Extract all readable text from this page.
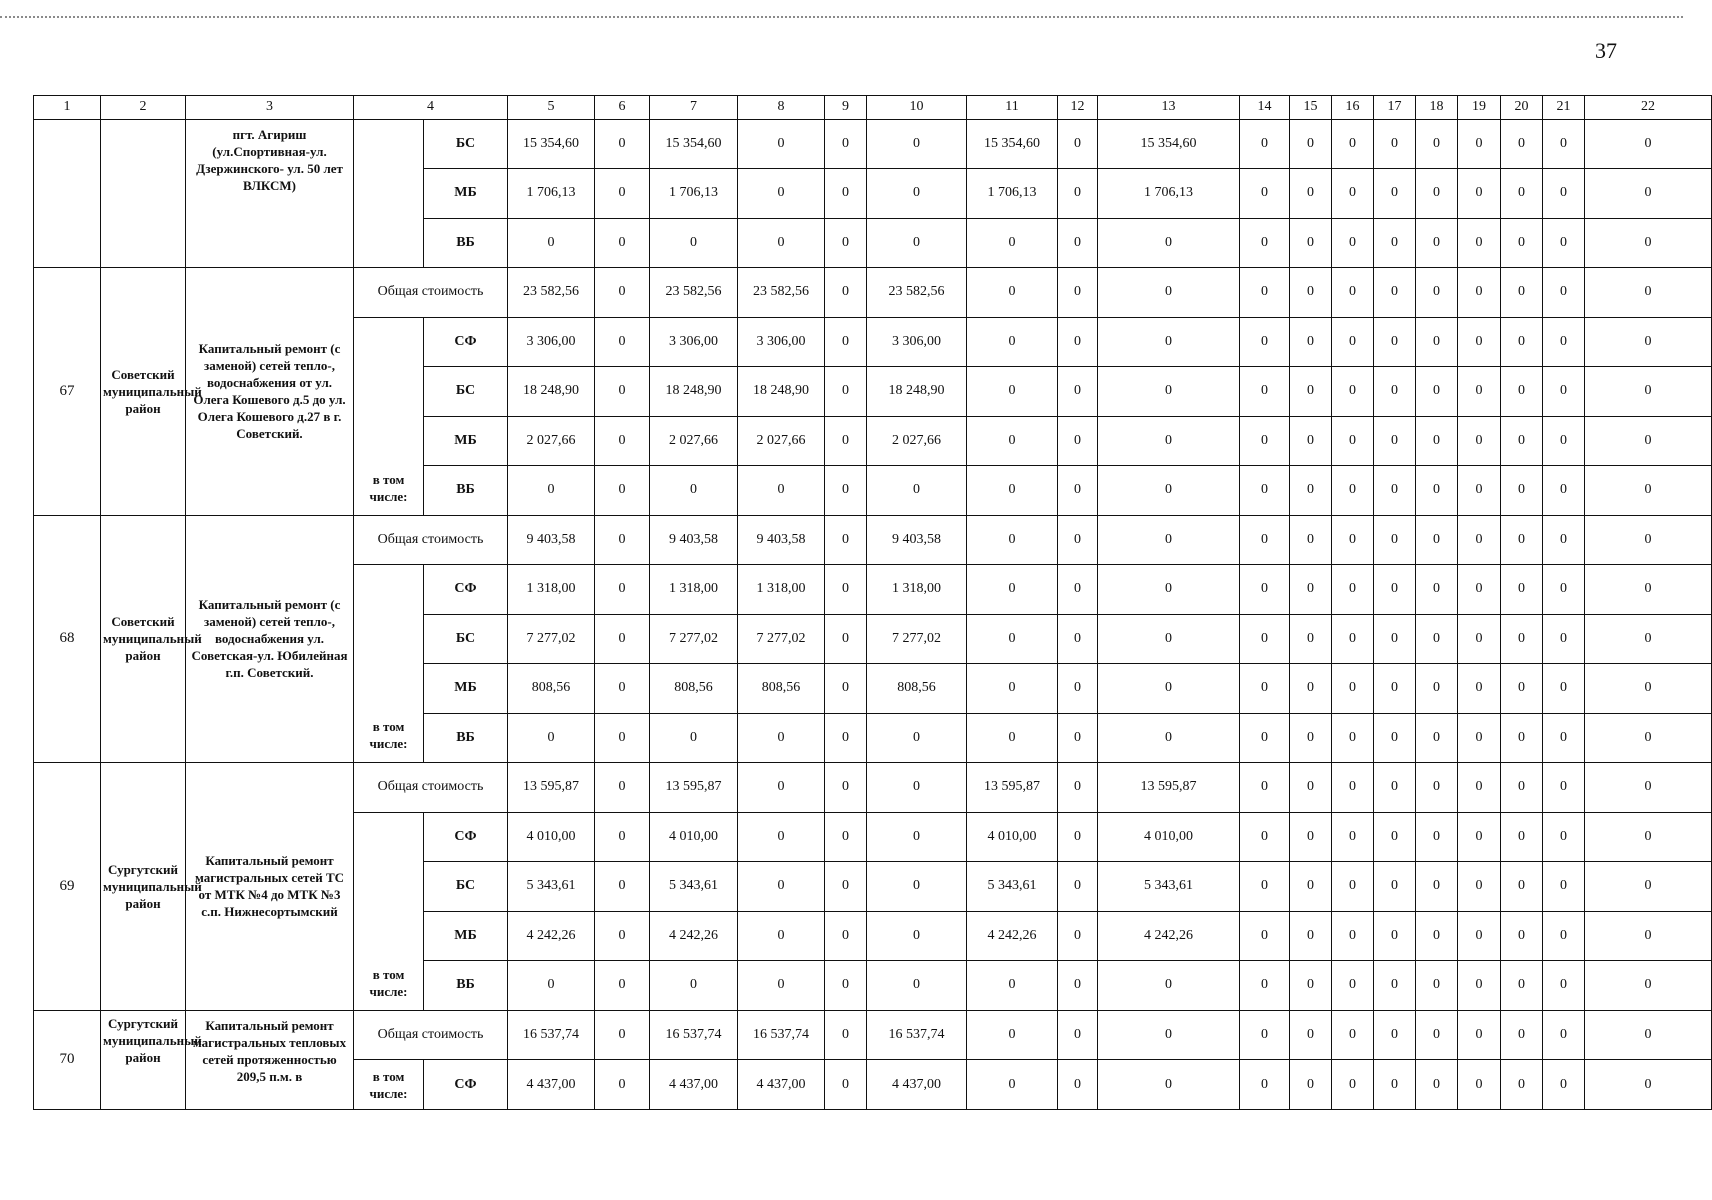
37
1	2	3	4		5	6	7	8	9	10	11	12	13	14	15	16	17	18	19	20	21	22
		пгт. Агириш (ул.Спортивная-ул. Дзержинского- ул. 50 лет ВЛКСМ)		БС	15 354,60	0	15 354,60	0	0	0	15 354,60	0	15 354,60	0	0	0	0	0	0	0	0	0
				МБ	1 706,13	0	1 706,13	0	0	0	1 706,13	0	1 706,13	0	0	0	0	0	0	0	0	0
				ВБ	0	0	0	0	0	0	0	0	0	0	0	0	0	0	0	0	0	0
67	Советский муниципальный район	Капитальный ремонт (с заменой) сетей тепло-, водоснабжения от ул. Олега Кошевого д.5 до ул. Олега Кошевого д.27 в г. Советский.	Общая стоимость		23 582,56	0	23 582,56	23 582,56	0	23 582,56	0	0	0	0	0	0	0	0	0	0	0	0
			в том числе:	СФ	3 306,00	0	3 306,00	3 306,00	0	3 306,00	0	0	0	0	0	0	0	0	0	0	0	0
				БС	18 248,90	0	18 248,90	18 248,90	0	18 248,90	0	0	0	0	0	0	0	0	0	0	0	0
				МБ	2 027,66	0	2 027,66	2 027,66	0	2 027,66	0	0	0	0	0	0	0	0	0	0	0	0
				ВБ	0	0	0	0	0	0	0	0	0	0	0	0	0	0	0	0	0	0
68	Советский муниципальный район	Капитальный ремонт (с заменой) сетей тепло-, водоснабжения ул. Советская-ул. Юбилейная г.п. Советский.	Общая стоимость		9 403,58	0	9 403,58	9 403,58	0	9 403,58	0	0	0	0	0	0	0	0	0	0	0	0
			в том числе:	СФ	1 318,00	0	1 318,00	1 318,00	0	1 318,00	0	0	0	0	0	0	0	0	0	0	0	0
				БС	7 277,02	0	7 277,02	7 277,02	0	7 277,02	0	0	0	0	0	0	0	0	0	0	0	0
				МБ	808,56	0	808,56	808,56	0	808,56	0	0	0	0	0	0	0	0	0	0	0	0
				ВБ	0	0	0	0	0	0	0	0	0	0	0	0	0	0	0	0	0	0
69	Сургутский муниципальный район	Капитальный ремонт магистральных сетей ТС от МТК №4 до МТК №3 с.п. Нижнесортымский	Общая стоимость		13 595,87	0	13 595,87	0	0	0	13 595,87	0	13 595,87	0	0	0	0	0	0	0	0	0
			в том числе:	СФ	4 010,00	0	4 010,00	0	0	0	4 010,00	0	4 010,00	0	0	0	0	0	0	0	0	0
				БС	5 343,61	0	5 343,61	0	0	0	5 343,61	0	5 343,61	0	0	0	0	0	0	0	0	0
				МБ	4 242,26	0	4 242,26	0	0	0	4 242,26	0	4 242,26	0	0	0	0	0	0	0	0	0
				ВБ	0	0	0	0	0	0	0	0	0	0	0	0	0	0	0	0	0	0
70	Сургутский муниципальный район	Капитальный ремонт магистральных тепловых сетей протяженностью 209,5 п.м. в	Общая стоимость		16 537,74	0	16 537,74	16 537,74	0	16 537,74	0	0	0	0	0	0	0	0	0	0	0	0
			в том числе:	СФ	4 437,00	0	4 437,00	4 437,00	0	4 437,00	0	0	0	0	0	0	0	0	0	0	0	0
